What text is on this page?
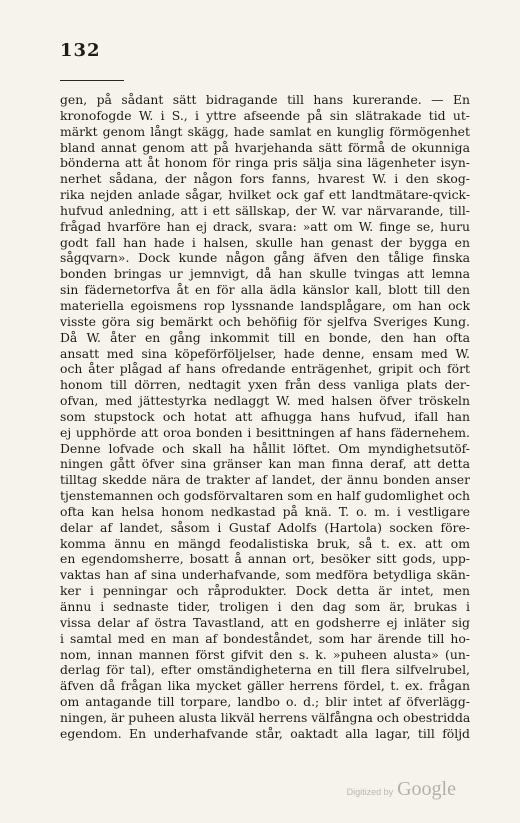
132
gen, på sådant sätt bidragande till hans kurerande. — En
kronofogde W. i S., i yttre afseende på sin slätrakade tid ut-
märkt genom långt skägg, hade samlat en kunglig förmögenhet
bland annat genom att på hvarjehanda sätt förmå de okunniga
bönderna att åt honom för ringa pris sälja sina lägenheter isyn-
nerhet sådana, der någon fors fanns, hvarest W. i den skog-
rika nejden anlade sågar, hvilket ock gaf ett landtmätare-qvick-
hufvud anledning, att i ett sällskap, der W. var närvarande, till-
frågad hvarföre han ej drack, svara: »att om W. finge se, huru
godt fall han hade i halsen, skulle han genast der bygga en
sågqvarn». Dock kunde någon gång äfven den tålige finska
bonden bringas ur jemnvigt, då han skulle tvingas att lemna
sin fädernetorfva åt en för alla ädla känslor kall, blott till den
materiella egoismens rop lyssnande landsplågare, om han ock
visste göra sig bemärkt och behöfiig för sjelfva Sveriges Kung.
Då W. åter en gång inkommit till en bonde, den han ofta
ansatt med sina köpeförföljelser, hade denne, ensam med W.
och åter plågad af hans ofredande enträgenhet, gripit och fört
honom till dörren, nedtagit yxen från dess vanliga plats der-
ofvan, med jättestyrka nedlaggt W. med halsen öfver tröskeln
som stupstock och hotat att afhugga hans hufvud, ifall han
ej upphörde att oroa bonden i besittningen af hans fädernehem.
Denne lofvade och skall ha hållit löftet. Om myndighetsutöf-
ningen gått öfver sina gränser kan man finna deraf, att detta
tilltag skedde nära de trakter af landet, der ännu bonden anser
tjenstemannen och godsförvaltaren som en half gudomlighet och
ofta kan helsa honom nedkastad på knä. T. o. m. i vestligare
delar af landet, såsom i Gustaf Adolfs (Hartola) socken före-
komma ännu en mängd feodalistiska bruk, så t. ex. att om
en egendomsherre, bosatt å annan ort, besöker sitt gods, upp-
vaktas han af sina underhafvande, som medföra betydliga skän-
ker i penningar och råprodukter. Dock detta är intet, men
ännu i sednaste tider, troligen i den dag som är, brukas i
vissa delar af östra Tavastland, att en godsherre ej inläter sig
i samtal med en man af bondeståndet, som har ärende till ho-
nom, innan mannen först gifvit den s. k. »puheen alusta» (un-
derlag för tal), efter omständigheterna en till flera silfvelrubel,
äfven då frågan lika mycket gäller herrens fördel, t. ex. frågan
om antagande till torpare, landbo o. d.; blir intet af öfverlägg-
ningen, är puheen alusta likväl herrens välfångna och obestridda
egendom. En underhafvande står, oaktadt alla lagar, till följd
Digitized by Google
